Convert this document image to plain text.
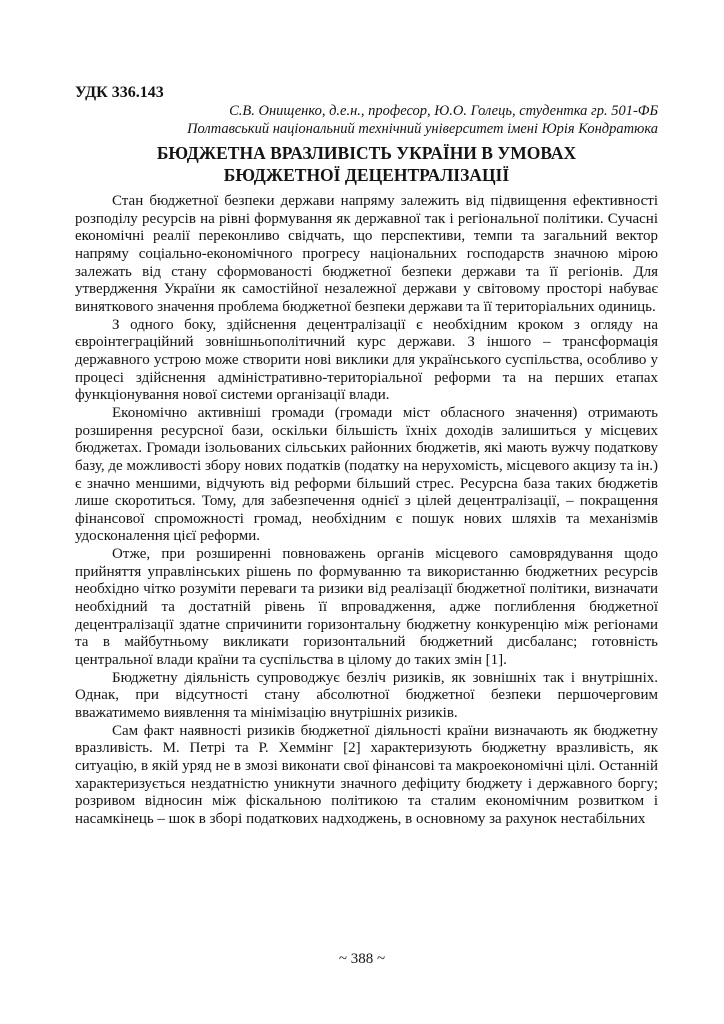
УДК 336.143
С.В. Онищенко, д.е.н., професор, Ю.О. Голець, студентка гр. 501-ФБ
Полтавський національний технічний університет імені Юрія Кондратюка
БЮДЖЕТНА ВРАЗЛИВІСТЬ УКРАЇНИ В УМОВАХ
БЮДЖЕТНОЇ ДЕЦЕНТРАЛІЗАЦІЇ

Стан бюджетної безпеки держави напряму залежить від підвищення ефективності розподілу ресурсів на рівні формування як державної так і регіональної політики. Сучасні економічні реалії переконливо свідчать, що перспективи, темпи та загальний вектор напряму соціально-економічного прогресу національних господарств значною мірою залежать від стану сформованості бюджетної безпеки держави та її регіонів. Для утвердження України як самостійної незалежної держави у світовому просторі набуває виняткового значення проблема бюджетної безпеки держави та її територіальних одиниць.

З одного боку, здійснення децентралізації є необхідним кроком з огляду на євроінтеграційний зовнішньополітичний курс держави. З іншого – трансформація державного устрою може створити нові виклики для українського суспільства, особливо у процесі здійснення адміністративно-територіальної реформи та на перших етапах функціонування нової системи організації влади.

Економічно активніші громади (громади міст обласного значення) отримають розширення ресурсної бази, оскільки більшість їхніх доходів залишиться у місцевих бюджетах. Громади ізольованих сільських районних бюджетів, які мають вужчу податкову базу, де можливості збору нових податків (податку на нерухомість, місцевого акцизу та ін.) є значно меншими, відчують від реформи більший стрес. Ресурсна база таких бюджетів лише скоротиться. Тому, для забезпечення однієї з цілей децентралізації, – покращення фінансової спроможності громад, необхідним є пошук нових шляхів та механізмів удосконалення цієї реформи.

Отже, при розширенні повноважень органів місцевого самоврядування щодо прийняття управлінських рішень по формуванню та використанню бюджетних ресурсів необхідно чітко розуміти переваги та ризики від реалізації бюджетної політики, визначати необхідний та достатній рівень її впровадження, адже поглиблення бюджетної децентралізації здатне спричинити горизонтальну бюджетну конкуренцію між регіонами та в майбутньому викликати горизонтальний бюджетний дисбаланс; готовність центральної влади країни та суспільства в цілому до таких змін [1].

Бюджетну діяльність супроводжує безліч ризиків, як зовнішніх так і внутрішніх. Однак, при відсутності стану абсолютної бюджетної безпеки першочерговим вважатимемо виявлення та мінімізацію внутрішніх ризиків.

Сам факт наявності ризиків бюджетної діяльності країни визначають як бюджетну вразливість. М. Петрі та Р. Хеммінг [2] характеризують бюджетну вразливість, як ситуацію, в якій уряд не в змозі виконати свої фінансові та макроекономічні цілі. Останній характеризується нездатністю уникнути значного дефіциту бюджету і державного боргу; розривом відносин між фіскальною політикою та сталим економічним розвитком і насамкінець – шок в зборі податкових надходжень, в основному за рахунок нестабільних

~ 388 ~
